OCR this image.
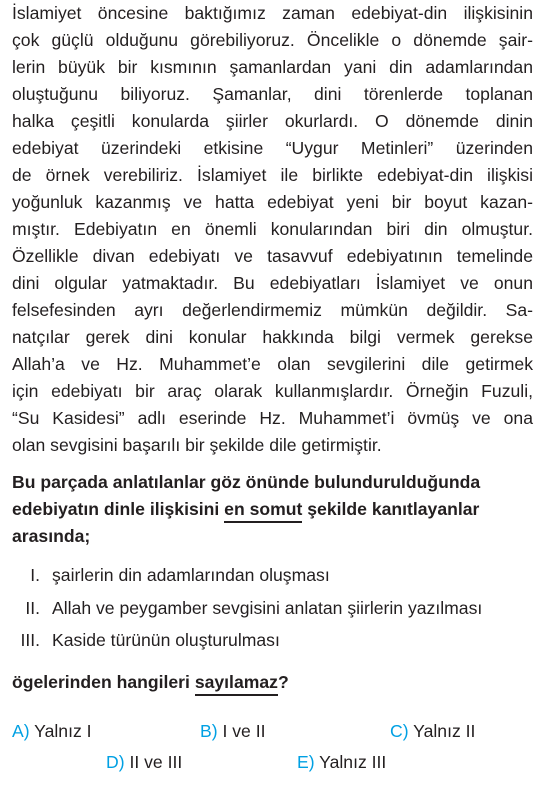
İslamiyet öncesine baktığımız zaman edebiyat-din ilişkisinin
çok güçlü olduğunu görebiliyoruz. Öncelikle o dönemde şair-
lerin büyük bir kısmının şamanlardan yani din adamlarından
oluştuğunu biliyoruz. Şamanlar, dini törenlerde toplanan
halka çeşitli konularda şiirler okurlardı. O dönemde dinin
edebiyat üzerindeki etkisine “Uygur Metinleri” üzerinden
de örnek verebiliriz. İslamiyet ile birlikte edebiyat-din ilişkisi
yoğunluk kazanmış ve hatta edebiyat yeni bir boyut kazan-
mıştır. Edebiyatın en önemli konularından biri din olmuştur.
Özellikle divan edebiyatı ve tasavvuf edebiyatının temelinde
dini olgular yatmaktadır. Bu edebiyatları İslamiyet ve onun
felsefesinden ayrı değerlendirmemiz mümkün değildir. Sa-
natçılar gerek dini konular hakkında bilgi vermek gerekse
Allah’a ve Hz. Muhammet’e olan sevgilerini dile getirmek
için edebiyatı bir araç olarak kullanmışlardır. Örneğin Fuzuli,
“Su Kasidesi” adlı eserinde Hz. Muhammet’i övmüş ve ona
olan sevgisini başarılı bir şekilde dile getirmiştir.
Bu parçada anlatılanlar göz önünde bulundurulduğunda
edebiyatın dinle ilişkisini en somut şekilde kanıtlayanlar
arasında;
I. şairlerin din adamlarından oluşması
II. Allah ve peygamber sevgisini anlatan şiirlerin yazılması
III. Kaside türünün oluşturulması
ögelerinden hangileri sayılamaz?
A) Yalnız I	B) I ve II	C) Yalnız II
D) II ve III	E) Yalnız III
